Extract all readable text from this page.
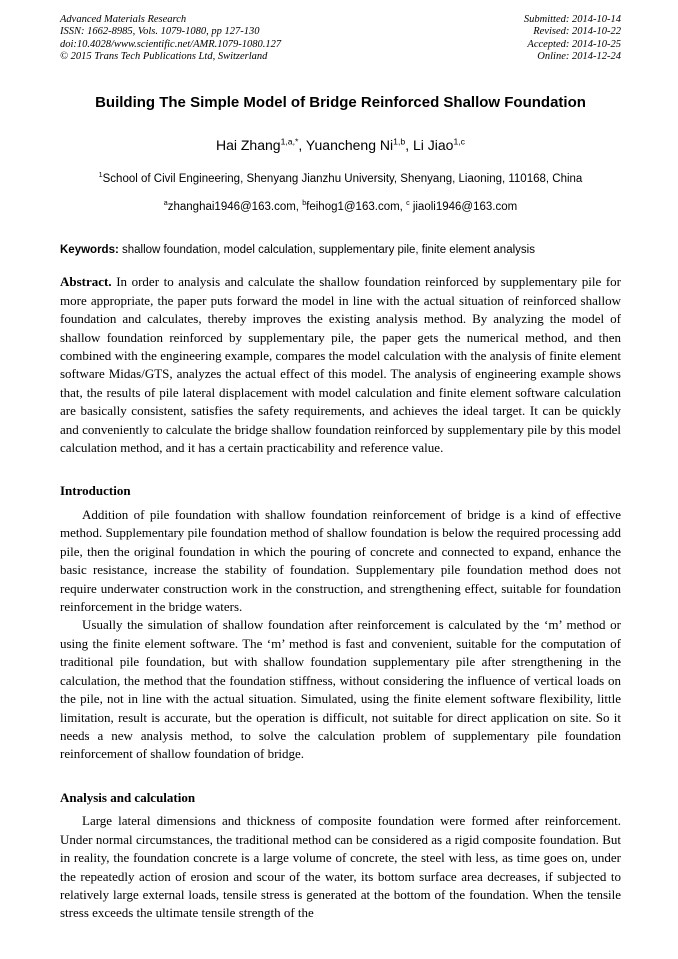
Advanced Materials Research
ISSN: 1662-8985, Vols. 1079-1080, pp 127-130
doi:10.4028/www.scientific.net/AMR.1079-1080.127
© 2015 Trans Tech Publications Ltd, Switzerland
Submitted: 2014-10-14
Revised: 2014-10-22
Accepted: 2014-10-25
Online: 2014-12-24
Building The Simple Model of Bridge Reinforced Shallow Foundation
Hai Zhang$^{1,a,*}$, Yuancheng Ni$^{1,b}$, Li Jiao$^{1,c}$
$^1$School of Civil Engineering, Shenyang Jianzhu University, Shenyang, Liaoning, 110168, China
$^a$zhanghai1946@163.com, $^b$feihog1@163.com, $^c$ jiaoli1946@163.com
Keywords: shallow foundation, model calculation, supplementary pile, finite element analysis

Abstract. In order to analysis and calculate the shallow foundation reinforced by supplementary pile for more appropriate, the paper puts forward the model in line with the actual situation of reinforced shallow foundation and calculates, thereby improves the existing analysis method. By analyzing the model of shallow foundation reinforced by supplementary pile, the paper gets the numerical method, and then combined with the engineering example, compares the model calculation with the analysis of finite element software Midas/GTS, analyzes the actual effect of this model. The analysis of engineering example shows that, the results of pile lateral displacement with model calculation and finite element software calculation are basically consistent, satisfies the safety requirements, and achieves the ideal target. It can be quickly and conveniently to calculate the bridge shallow foundation reinforced by supplementary pile by this model calculation method, and it has a certain practicability and reference value.

Introduction

Addition of pile foundation with shallow foundation reinforcement of bridge is a kind of effective method. Supplementary pile foundation method of shallow foundation is below the required processing add pile, then the original foundation in which the pouring of concrete and connected to expand, enhance the basic resistance, increase the stability of foundation. Supplementary pile foundation method does not require underwater construction work in the construction, and strengthening effect, suitable for foundation reinforcement in the bridge waters.

Usually the simulation of shallow foundation after reinforcement is calculated by the ‘m’ method or using the finite element software. The ‘m’ method is fast and convenient, suitable for the computation of traditional pile foundation, but with shallow foundation supplementary pile after strengthening in the calculation, the method that the foundation stiffness, without considering the influence of vertical loads on the pile, not in line with the actual situation. Simulated, using the finite element software flexibility, little limitation, result is accurate, but the operation is difficult, not suitable for direct application on site. So it needs a new analysis method, to solve the calculation problem of supplementary pile foundation reinforcement of shallow foundation of bridge.

Analysis and calculation

Large lateral dimensions and thickness of composite foundation were formed after reinforcement. Under normal circumstances, the traditional method can be considered as a rigid composite foundation. But in reality, the foundation concrete is a large volume of concrete, the steel with less, as time goes on, under the repeatedly action of erosion and scour of the water, its bottom surface area decreases, if subjected to relatively large external loads, tensile stress is generated at the bottom of the foundation. When the tensile stress exceeds the ultimate tensile strength of the
